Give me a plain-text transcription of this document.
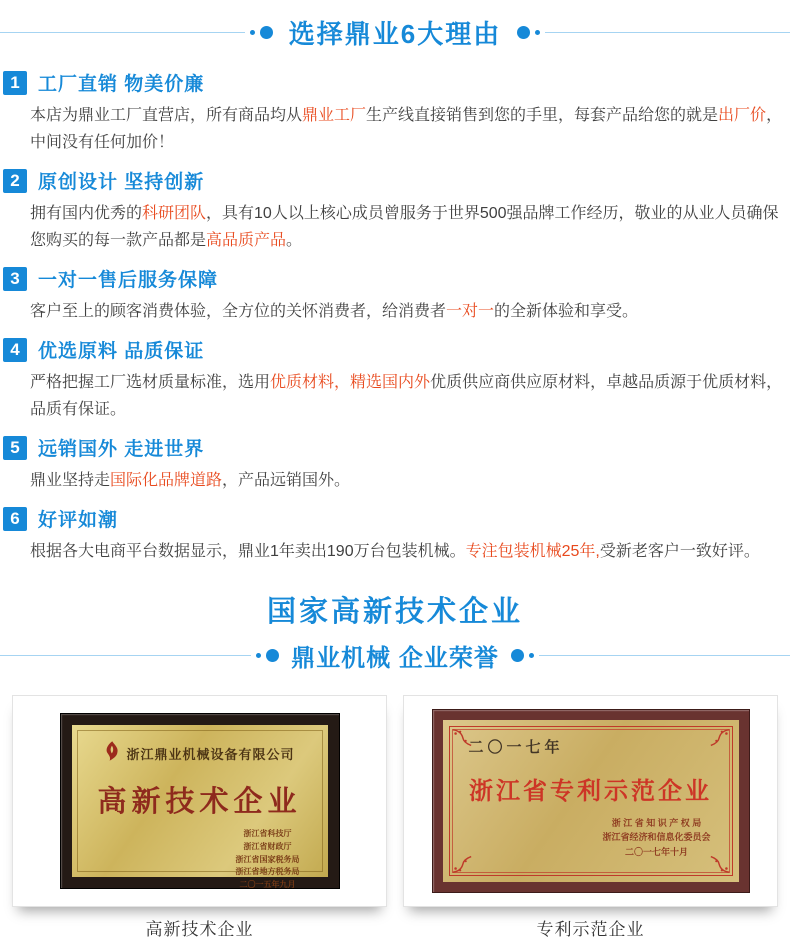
选择鼎业6大理由
1 工厂直销 物美价廉

本店为鼎业工厂直营店，所有商品均从鼎业工厂生产线直接销售到您的手里，每套产品给您的就是出厂价，中间没有任何加价！

2 原创设计 坚持创新

拥有国内优秀的科研团队，具有10人以上核心成员曾服务于世界500强品牌工作经历，敬业的从业人员确保您购买的每一款产品都是高品质产品。

3 一对一售后服务保障

客户至上的顾客消费体验，全方位的关怀消费者，给消费者一对一的全新体验和享受。

4 优选原料 品质保证

严格把握工厂选材质量标准，选用优质材料，精选国内外优质供应商供应原材料，卓越品质源于优质材料，品质有保证。

5 远销国外 走进世界

鼎业坚持走国际化品牌道路，产品远销国外。

6 好评如潮

根据各大电商平台数据显示，鼎业1年卖出190万台包装机械。专注包装机械25年,受新老客户一致好评。

国家高新技术企业
鼎业机械 企业荣誉
浙江鼎业机械设备有限公司
高新技术企业
浙江省科技厅
浙江省财政厅
浙江省国家税务局
浙江省地方税务局
二〇一五年九月
二〇一七年
浙江省专利示范企业
浙 江 省 知 识 产 权 局
浙江省经济和信息化委员会
二〇一七年十月
高新技术企业	专利示范企业
